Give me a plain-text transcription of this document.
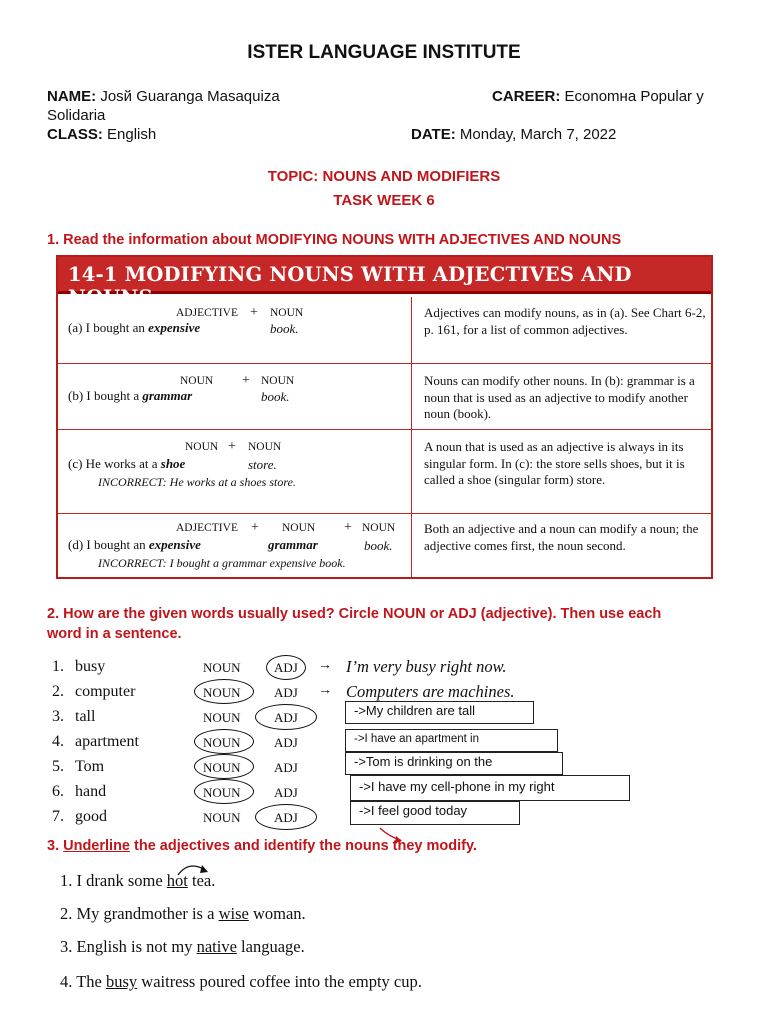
ISTER LANGUAGE INSTITUTE
NAME: Josй Guaranga Masaquiza	CAREER: Economнa Popular y
Solidaria
CLASS: English	DATE: Monday, March 7, 2022
TOPIC: NOUNS AND MODIFIERS
TASK WEEK 6
1. Read the information about MODIFYING NOUNS WITH ADJECTIVES AND NOUNS
14-1 MODIFYING NOUNS WITH ADJECTIVES AND NOUNS
ADJECTIVE + NOUN
(a) I bought an expensive	book.
Adjectives can modify nouns, as in (a). See Chart 6-2, p. 161, for a list of common adjectives.
NOUN + NOUN
(b) I bought a grammar	book.
Nouns can modify other nouns. In (b): grammar is a noun that is used as an adjective to modify another noun (book).
NOUN + NOUN
(c) He works at a shoe	store.
INCORRECT: He works at a shoes store.
A noun that is used as an adjective is always in its singular form. In (c): the store sells shoes, but it is called a shoe (singular form) store.
ADJECTIVE + NOUN + NOUN
(d) I bought an expensive	grammar	book.
INCORRECT: I bought a grammar expensive book.
Both an adjective and a noun can modify a noun; the adjective comes first, the noun second.
2. How are the given words usually used? Circle NOUN or ADJ (adjective). Then use each
word in a sentence.
1. busy	NOUN	ADJ → I’m very busy right now.
2. computer	NOUN	ADJ → Computers are machines.
3. tall	NOUN	ADJ	->My children are tall
4. apartment	NOUN	ADJ	->I have an apartment in
5. Tom	NOUN	ADJ	->Tom is drinking on the
6. hand	NOUN	ADJ	->I have my cell-phone in my right
7. good	NOUN	ADJ	->I feel good today
3. Underline the adjectives and identify the nouns they modify.
1. I drank some hot tea.
2. My grandmother is a wise woman.
3. English is not my native language.
4. The busy waitress poured coffee into the empty cup.
